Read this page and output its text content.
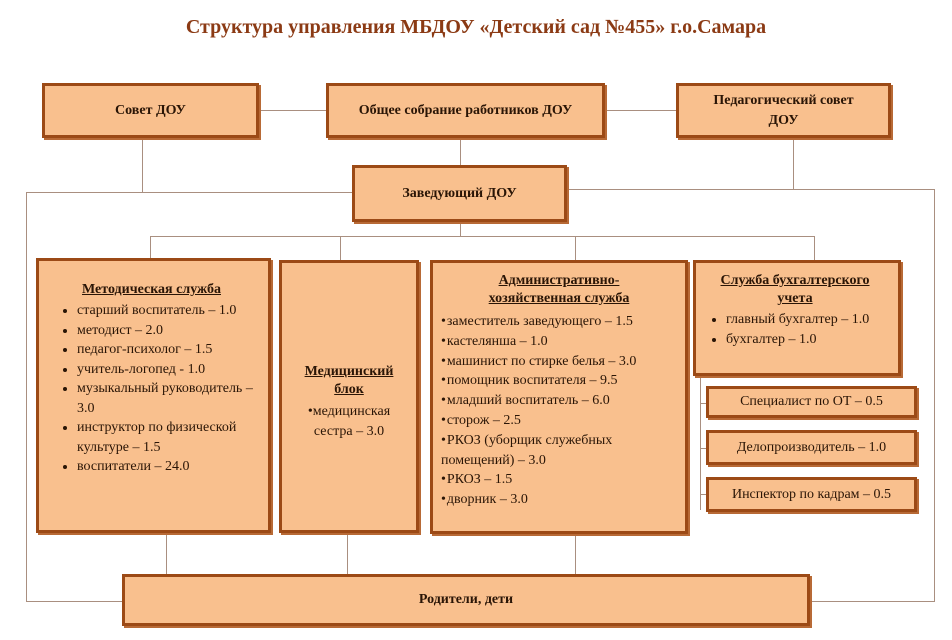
Структура управления МБДОУ «Детский сад №455» г.о.Самара
Совет ДОУ	Общее собрание работников ДОУ
Педагогический совет ДОУ
Заведующий ДОУ
Методическая служба
• старший воспитатель – 1.0
• методист – 2.0
• педагог-психолог – 1.5
• учитель-логопед - 1.0
• музыкальный руководитель – 3.0
• инструктор по физической культуре – 1.5
• воспитатели – 24.0
Медицинский блок
•медицинская сестра – 3.0
Административно-хозяйственная служба
• заместитель заведующего – 1.5
• кастелянша – 1.0
• машинист по стирке белья – 3.0
• помощник воспитателя – 9.5
• младший воспитатель – 6.0
• сторож – 2.5
• РКОЗ (уборщик служебных помещений) – 3.0
• РКОЗ – 1.5
• дворник – 3.0
Служба бухгалтерского учета
• главный бухгалтер – 1.0
• бухгалтер – 1.0
Специалист по ОТ – 0.5
Делопроизводитель – 1.0
Инспектор по кадрам – 0.5
Родители, дети
